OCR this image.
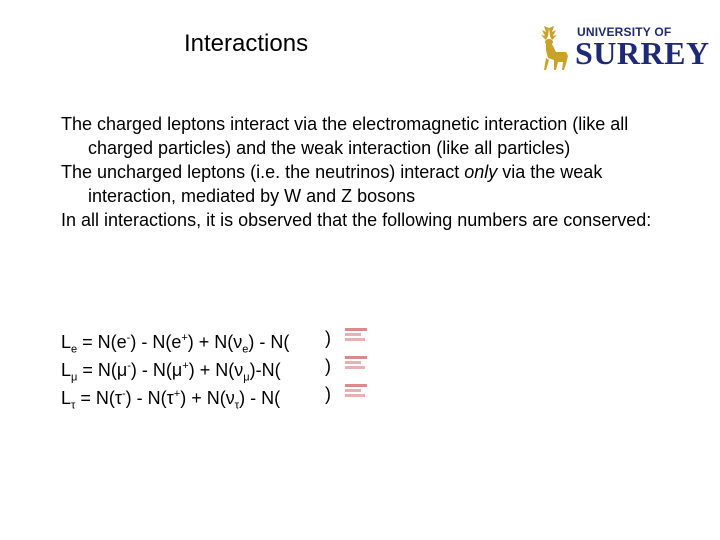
Interactions	UNIVERSITY OF
SURREY

The charged leptons interact via the electromagnetic interaction (like all charged particles) and the weak interaction (like all particles)

The uncharged leptons (i.e. the neutrinos) interact only via the weak interaction, mediated by W and Z bosons

In all interactions, it is observed that the following numbers are conserved:

$L_e = N(e^-) - N(e^+) + N(\nu_e) - N$( )
$L_\mu = N(\mu^-) - N(\mu^+) + N(\nu_\mu)-N$( )
$L_\tau = N(\tau^-) - N(\tau^+) + N(\nu_\tau) - N$( )
